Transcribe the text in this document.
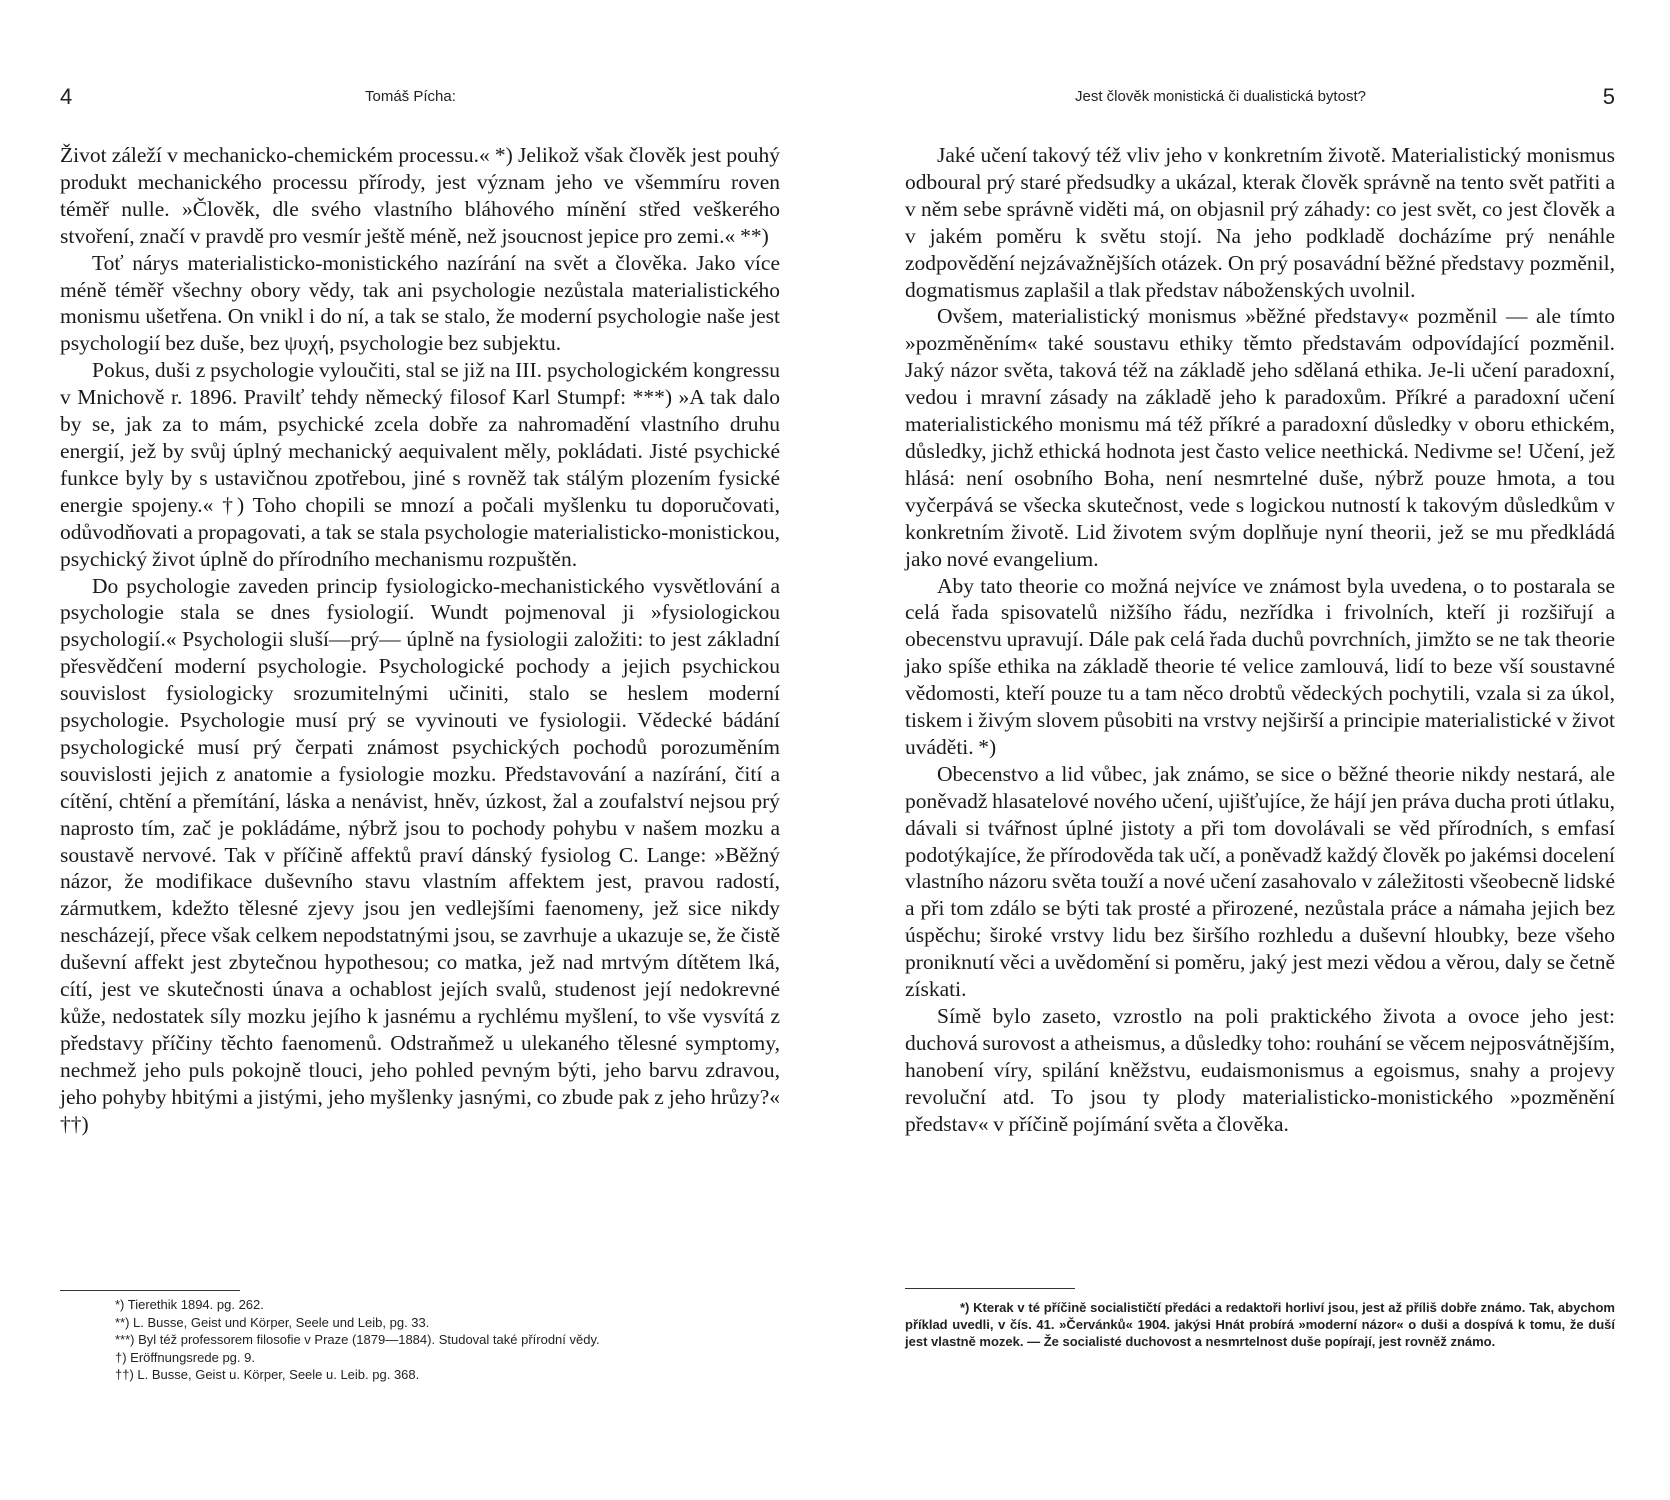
4	Tomáš Pícha:

Život záleží v mechanicko-chemickém processu.« *) Jelikož však člověk jest pouhý produkt mechanického processu přírody, jest význam jeho ve všemmíru roven téměř nulle. »Člověk, dle svého vlastního bláhového mínění střed veškerého stvoření, značí v pravdě pro vesmír ještě méně, než jsoucnost jepice pro zemi.« **)

Toť nárys materialisticko-monistického nazírání na svět a člověka. Jako více méně téměř všechny obory vědy, tak ani psychologie nezůstala materialistického monismu ušetřena. On vnikl i do ní, a tak se stalo, že moderní psychologie naše jest psychologií bez duše, bez ψυχή, psychologie bez subjektu.

Pokus, duši z psychologie vyloučiti, stal se již na III. psychologickém kongressu v Mnichově r. 1896. Pravilť tehdy německý filosof Karl Stumpf: ***) »A tak dalo by se, jak za to mám, psychické zcela dobře za nahromadění vlastního druhu energií, jež by svůj úplný mechanický aequivalent měly, pokládati. Jisté psychické funkce byly by s ustavičnou zpotřebou, jiné s rovněž tak stálým plozením fysické energie spojeny.« †) Toho chopili se mnozí a počali myšlenku tu doporučovati, odůvodňovati a propagovati, a tak se stala psychologie materialisticko-monistickou, psychický život úplně do přírodního mechanismu rozpuštěn.

Do psychologie zaveden princip fysiologicko-mechanistického vysvětlování a psychologie stala se dnes fysiologií. Wundt pojmenoval ji »fysiologickou psychologií.« Psychologii sluší—prý— úplně na fysiologii založiti: to jest základní přesvědčení moderní psychologie. Psychologické pochody a jejich psychickou souvislost fysiologicky srozumitelnými učiniti, stalo se heslem moderní psychologie. Psychologie musí prý se vyvinouti ve fysiologii. Vědecké bádání psychologické musí prý čerpati známost psychických pochodů porozuměním souvislosti jejich z anatomie a fysiologie mozku. Představování a nazírání, čití a cítění, chtění a přemítání, láska a nenávist, hněv, úzkost, žal a zoufalství nejsou prý naprosto tím, zač je pokládáme, nýbrž jsou to pochody pohybu v našem mozku a soustavě nervové. Tak v příčině affektů praví dánský fysiolog C. Lange: »Běžný názor, že modifikace duševního stavu vlastním affektem jest, pravou radostí, zármutkem, kdežto tělesné zjevy jsou jen vedlejšími faenomeny, jež sice nikdy nescházejí, přece však celkem nepodstatnými jsou, se zavrhuje a ukazuje se, že čistě duševní affekt jest zbytečnou hypothesou; co matka, jež nad mrtvým dítětem lká, cítí, jest ve skutečnosti únava a ochablost jejích svalů, studenost její nedokrevné kůže, nedostatek síly mozku jejího k jasnému a rychlému myšlení, to vše vysvítá z představy příčiny těchto faenomenů. Odstraňmež u ulekaného tělesné symptomy, nechmež jeho puls pokojně tlouci, jeho pohled pevným býti, jeho barvu zdravou, jeho pohyby hbitými a jistými, jeho myšlenky jasnými, co zbude pak z jeho hrůzy?« ††)

*) Tierethik 1894. pg. 262.

**) L. Busse, Geist und Körper, Seele und Leib, pg. 33.

***) Byl též professorem filosofie v Praze (1879—1884). Studoval také přírodní vědy.

†) Eröffnungsrede pg. 9.

††) L. Busse, Geist u. Körper, Seele u. Leib. pg. 368.

Jest člověk monistická či dualistická bytost?	5

Jaké učení takový též vliv jeho v konkretním životě. Materialistický monismus odboural prý staré předsudky a ukázal, kterak člověk správně na tento svět patřiti a v něm sebe správně viděti má, on objasnil prý záhady: co jest svět, co jest člověk a v jakém poměru k světu stojí. Na jeho podkladě docházíme prý nenáhle zodpovědění nejzávažnějších otázek. On prý posavádní běžné představy pozměnil, dogmatismus zaplašil a tlak představ náboženských uvolnil.

Ovšem, materialistický monismus »běžné představy« pozměnil — ale tímto »pozměněním« také soustavu ethiky těmto představám odpovídající pozměnil. Jaký názor světa, taková též na základě jeho sdělaná ethika. Je-li učení paradoxní, vedou i mravní zásady na základě jeho k paradoxům. Příkré a paradoxní učení materialistického monismu má též příkré a paradoxní důsledky v oboru ethickém, důsledky, jichž ethická hodnota jest často velice neethická. Nedivme se! Učení, jež hlásá: není osobního Boha, není nesmrtelné duše, nýbrž pouze hmota, a tou vyčerpává se všecka skutečnost, vede s logickou nutností k takovým důsledkům v konkretním životě. Lid životem svým doplňuje nyní theorii, jež se mu předkládá jako nové evangelium.

Aby tato theorie co možná nejvíce ve známost byla uvedena, o to postarala se celá řada spisovatelů nižšího řádu, nezřídka i frivolních, kteří ji rozšiřují a obecenstvu upravují. Dále pak celá řada duchů povrchních, jimžto se ne tak theorie jako spíše ethika na základě theorie té velice zamlouvá, lidí to beze vší soustavné vědomosti, kteří pouze tu a tam něco drobtů vědeckých pochytili, vzala si za úkol, tiskem i živým slovem působiti na vrstvy nejširší a principie materialistické v život uváděti. *)

Obecenstvo a lid vůbec, jak známo, se sice o běžné theorie nikdy nestará, ale poněvadž hlasatelové nového učení, ujišťujíce, že hájí jen práva ducha proti útlaku, dávali si tvářnost úplné jistoty a při tom dovolávali se věd přírodních, s emfasí podotýkajíce, že přírodověda tak učí, a poněvadž každý člověk po jakémsi docelení vlastního názoru světa touží a nové učení zasahovalo v záležitosti všeobecně lidské a při tom zdálo se býti tak prosté a přirozené, nezůstala práce a námaha jejich bez úspěchu; široké vrstvy lidu bez širšího rozhledu a duševní hloubky, beze všeho proniknutí věci a uvědomění si poměru, jaký jest mezi vědou a věrou, daly se četně získati.

Símě bylo zaseto, vzrostlo na poli praktického života a ovoce jeho jest: duchová surovost a atheismus, a důsledky toho: rouhání se věcem nejposvátnějším, hanobení víry, spilání kněžstvu, eudaismonismus a egoismus, snahy a projevy revoluční atd. To jsou ty plody materialisticko-monistického »pozměnění představ« v příčině pojímání světa a člověka.

*) Kterak v té příčině socialističtí předáci a redaktoři horliví jsou, jest až příliš dobře známo. Tak, abychom příklad uvedli, v čís. 41. »Červánků« 1904. jakýsi Hnát probírá »moderní názor« o duši a dospívá k tomu, že duší jest vlastně mozek. — Že socialisté duchovost a nesmrtelnost duše popírají, jest rovněž známo.
